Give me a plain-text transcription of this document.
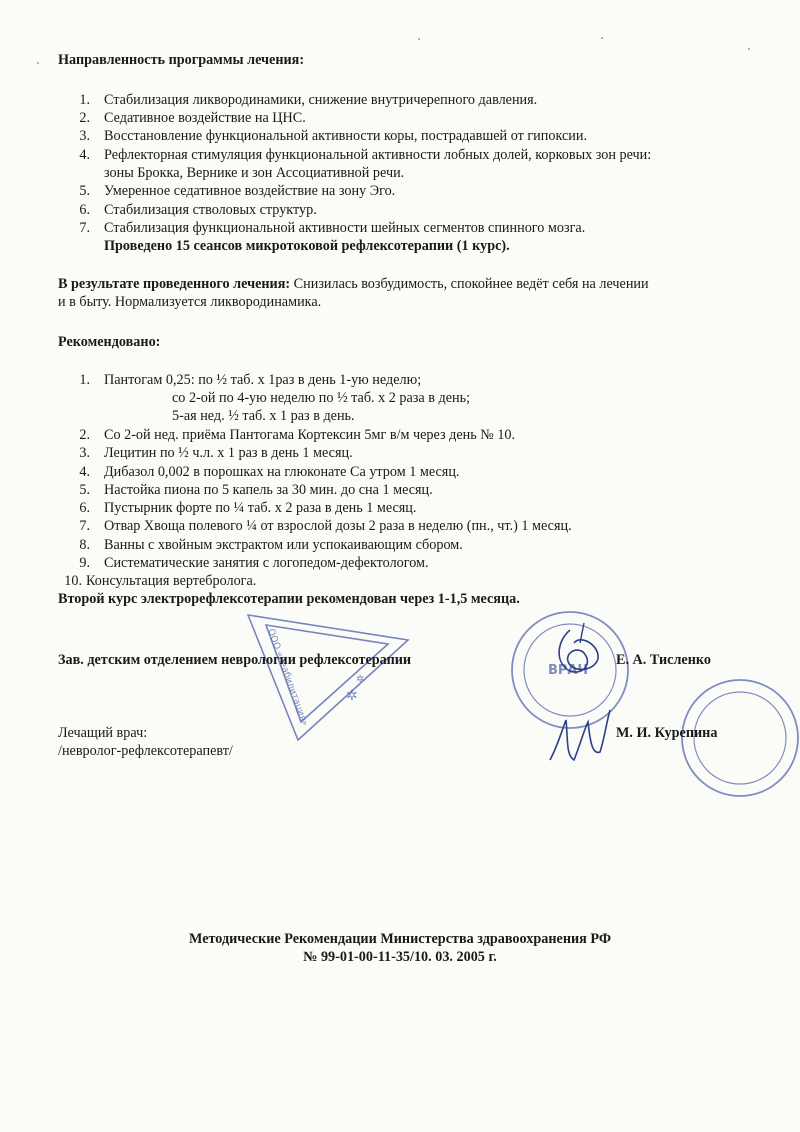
Направленность программы лечения:
1. Стабилизация ликвородинамики, снижение внутричерепного давления.
2. Седативное воздействие на ЦНС.
3. Восстановление функциональной активности коры, пострадавшей от гипоксии.
4. Рефлекторная стимуляция функциональной активности лобных долей, корковых зон речи:
зоны Брокка, Вернике и зон Ассоциативной речи.
5. Умеренное седативное воздействие на зону Эго.
6. Стабилизация стволовых структур.
7. Стабилизация функциональной активности шейных сегментов спинного мозга.
Проведено 15 сеансов микротоковой рефлексотерапии (1 курс).
В результате проведенного лечения: Снизилась возбудимость, спокойнее ведёт себя на лечении
и в быту. Нормализуется ликвородинамика.
Рекомендовано:
1. Пантогам 0,25: по ½ таб. х 1раз в день 1-ую неделю;
со 2-ой по 4-ую неделю по ½ таб. х 2 раза в день;
5-ая нед. ½ таб. х 1 раз в день.
2. Со 2-ой нед. приёма Пантогама Кортексин 5мг в/м через день № 10.
3. Лецитин по ½ ч.л. х 1 раз в день 1 месяц.
4. Дибазол 0,002 в порошках на глюконате Са утром 1 месяц.
5. Настойка пиона по 5 капель за 30 мин. до сна 1 месяц.
6. Пустырник форте по ¼ таб. х 2 раза в день 1 месяц.
7. Отвар Хвоща полевого ¼ от взрослой дозы 2 раза в неделю (пн., чт.) 1 месяц.
8. Ванны с хвойным экстрактом или успокаивающим сбором.
9. Систематические занятия с логопедом-дефектологом.
10. Консультация вертебролога.
Второй курс электрорефлексотерапии рекомендован через 1-1,5 месяца.
ООО «Реабилитация»	✲
✲
ВРАЧ
Зав. детским отделением неврологии рефлексотерапии	Е. А. Тисленко
Лечащий врач:	М. И. Курепина
/невролог-рефлексотерапевт/
Методические Рекомендации Министерства здравоохранения РФ
№ 99-01-00-11-35/10. 03. 2005 г.
